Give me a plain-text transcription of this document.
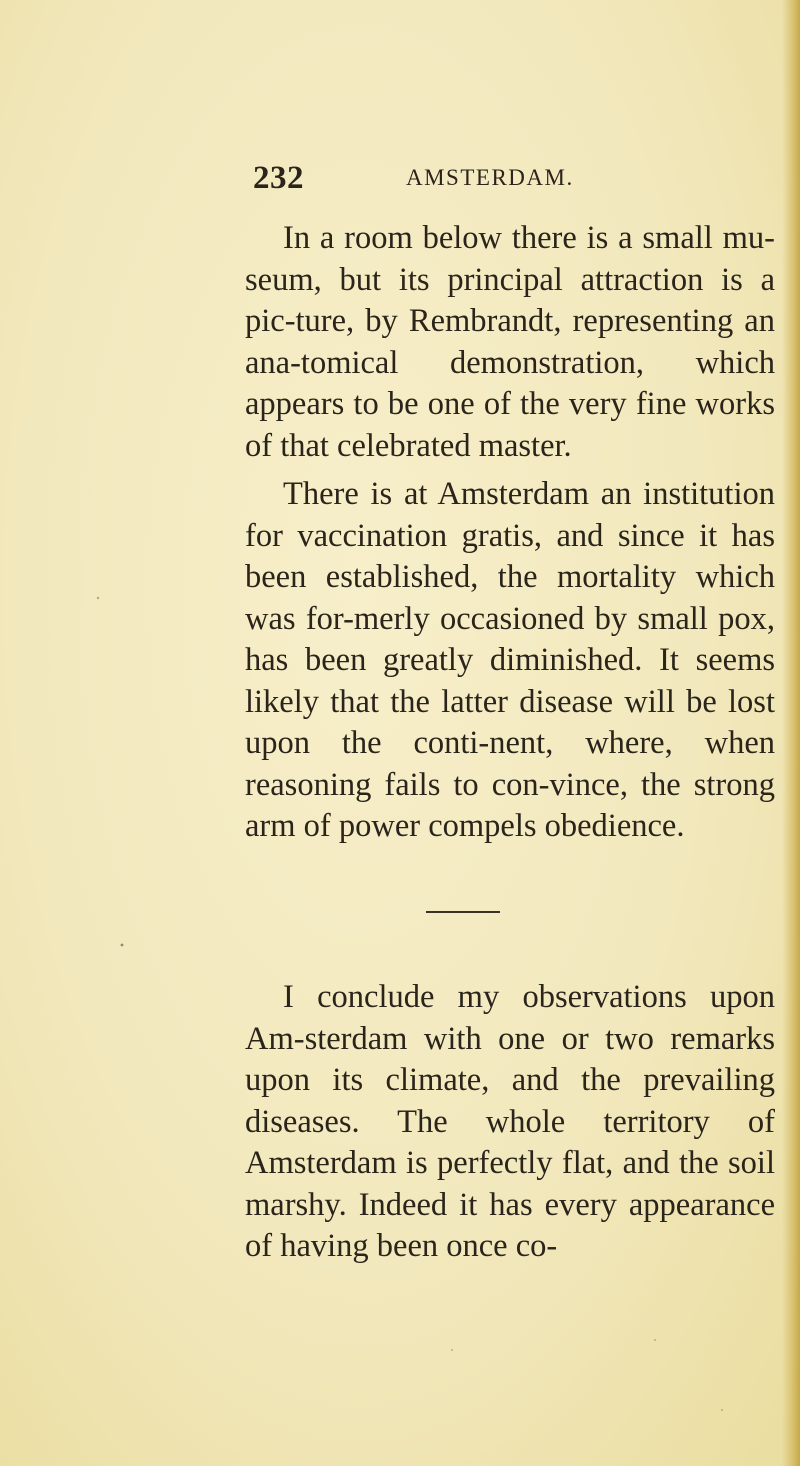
232	AMSTERDAM.

In a room below there is a small mu-seum, but its principal attraction is a pic-ture, by Rembrandt, representing an ana-tomical demonstration, which appears to be one of the very fine works of that celebrated master.

There is at Amsterdam an institution for vaccination gratis, and since it has been established, the mortality which was for-merly occasioned by small pox, has been greatly diminished. It seems likely that the latter disease will be lost upon the conti-nent, where, when reasoning fails to con-vince, the strong arm of power compels obedience.

I conclude my observations upon Am-sterdam with one or two remarks upon its climate, and the prevailing diseases. The whole territory of Amsterdam is perfectly flat, and the soil marshy. Indeed it has every appearance of having been once co-
